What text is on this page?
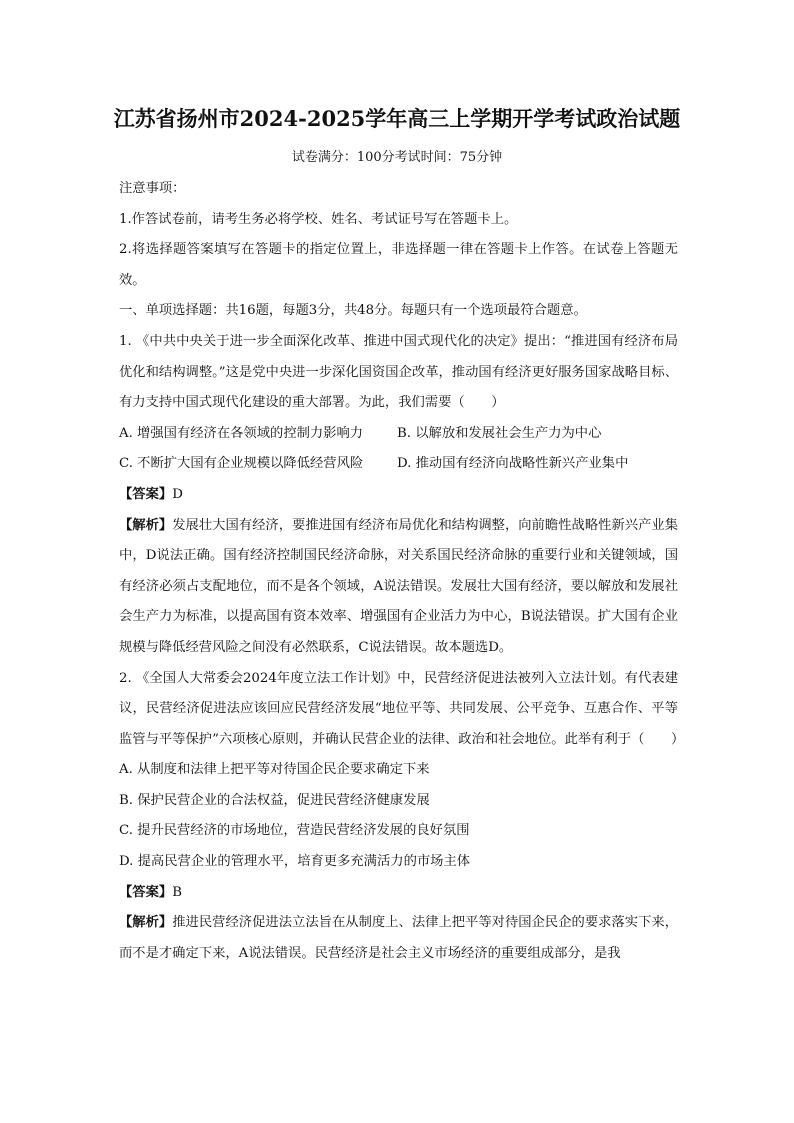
江苏省扬州市2024-2025学年高三上学期开学考试政治试题
试卷满分：100分考试时间：75分钟

注意事项：

1.作答试卷前，请考生务必将学校、姓名、考试证号写在答题卡上。

2.将选择题答案填写在答题卡的指定位置上，非选择题一律在答题卡上作答。在试卷上答题无效。

一、单项选择题：共16题，每题3分，共48分。每题只有一个选项最符合题意。

1. 《中共中央关于进一步全面深化改革、推进中国式现代化的决定》提出：“推进国有经济布局优化和结构调整。”这是党中央进一步深化国资国企改革，推动国有经济更好服务国家战略目标、有力支持中国式现代化建设的重大部署。为此，我们需要（　　）

A. 增强国有经济在各领域的控制力影响力	B. 以解放和发展社会生产力为中心
C. 不断扩大国有企业规模以降低经营风险	D. 推动国有经济向战略性新兴产业集中

【答案】D

【解析】发展壮大国有经济，要推进国有经济布局优化和结构调整，向前瞻性战略性新兴产业集中，D说法正确。国有经济控制国民经济命脉，对关系国民经济命脉的重要行业和关键领域，国有经济必须占支配地位，而不是各个领域，A说法错误。发展壮大国有经济，要以解放和发展社会生产力为标准，以提高国有资本效率、增强国有企业活力为中心，B说法错误。扩大国有企业规模与降低经营风险之间没有必然联系，C说法错误。故本题选D。

2. 《全国人大常委会2024年度立法工作计划》中，民营经济促进法被列入立法计划。有代表建议，民营经济促进法应该回应民营经济发展“地位平等、共同发展、公平竞争、互惠合作、平等监管与平等保护”六项核心原则，并确认民营企业的法律、政治和社会地位。此举有利于（　　）

A. 从制度和法律上把平等对待国企民企要求确定下来

B. 保护民营企业的合法权益，促进民营经济健康发展

C. 提升民营经济的市场地位，营造民营经济发展的良好氛围

D. 提高民营企业的管理水平，培育更多充满活力的市场主体

【答案】B

【解析】推进民营经济促进法立法旨在从制度上、法律上把平等对待国企民企的要求落实下来，而不是才确定下来，A说法错误。民营经济是社会主义市场经济的重要组成部分，是我
